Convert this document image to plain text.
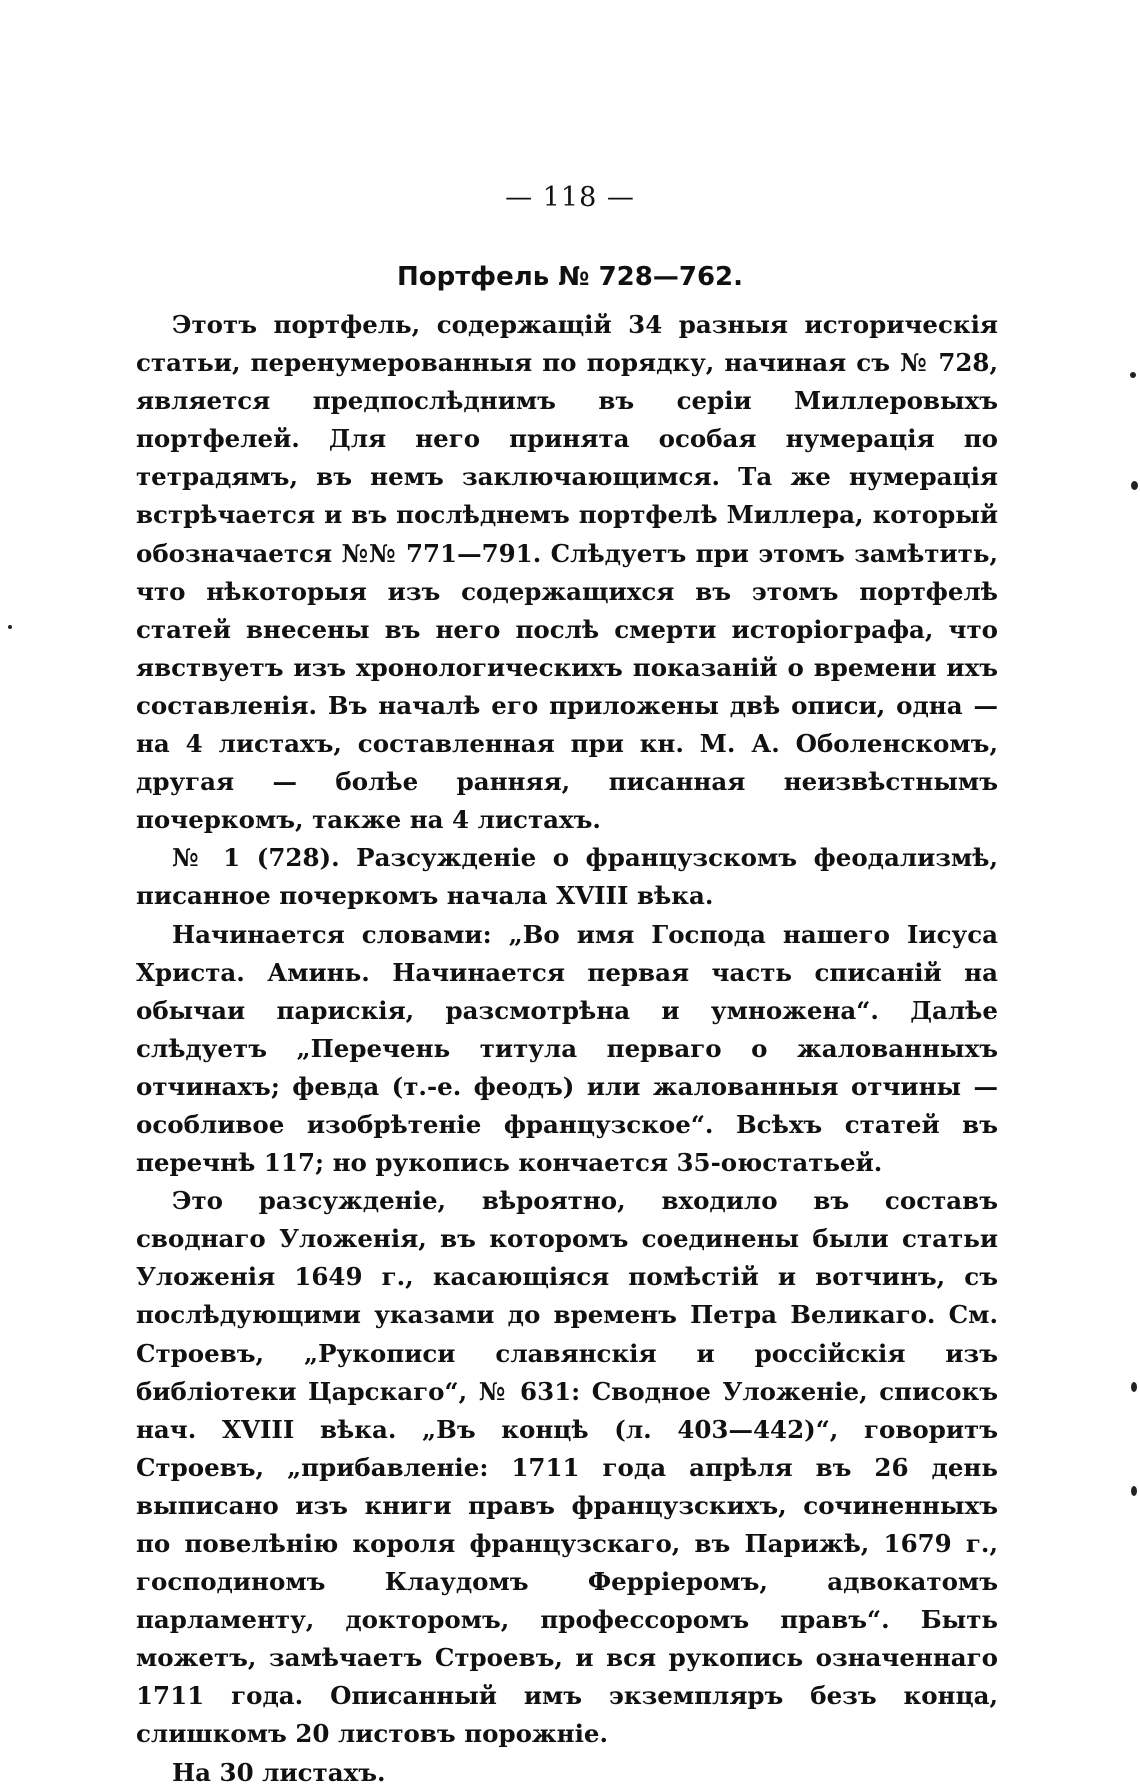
— 118 —
Портфель № 728—762.

Этотъ портфель, содержащій 34 разныя историческія статьи, перенумерованныя по порядку, начиная съ № 728, является предпослѣднимъ въ серіи Миллеровыхъ портфелей. Для него принята особая нумерація по тетрадямъ, въ немъ заключающимся. Та же нумерація встрѣчается и въ послѣднемъ портфелѣ Миллера, который обозначается №№ 771—791. Слѣдуетъ при этомъ замѣтить, что нѣкоторыя изъ содержащихся въ этомъ портфелѣ статей внесены въ него послѣ смерти исторіографа, что явствуетъ изъ хронологическихъ показаній о времени ихъ составленія. Въ началѣ его приложены двѣ описи, одна — на 4 листахъ, составленная при кн. М. А. Оболенскомъ, другая — болѣе ранняя, писанная неизвѣстнымъ почеркомъ, также на 4 листахъ.

№ 1 (728). Разсужденіе о французскомъ феодализмѣ, писанное почеркомъ начала XVIII вѣка.

Начинается словами: „Во имя Господа нашего Іисуса Христа. Аминь. Начинается первая часть списаній на обычаи парискія, разсмотрѣна и умножена“. Далѣе слѣдуетъ „Перечень титула перваго о жалованныхъ отчинахъ; февда (т.-е. феодъ) или жалованныя отчины — особливое изобрѣтеніе французское“. Всѣхъ статей въ перечнѣ 117; но рукопись кончается 35-оюстатьей.

Это разсужденіе, вѣроятно, входило въ составъ своднаго Уложенія, въ которомъ соединены были статьи Уложенія 1649 г., касающіяся помѣстій и вотчинъ, съ послѣдующими указами до временъ Петра Великаго. См. Строевъ, „Рукописи славянскія и россійскія изъ библіотеки Царскаго“, № 631: Сводное Уложеніе, списокъ нач. XVIII вѣка. „Въ концѣ (л. 403—442)“, говоритъ Строевъ, „прибавленіе: 1711 года апрѣля въ 26 день выписано изъ книги правъ французскихъ, сочиненныхъ по повелѣнію короля французскаго, въ Парижѣ, 1679 г., господиномъ Клаудомъ Ферріеромъ, адвокатомъ парламенту, докторомъ, профессоромъ правъ“. Быть можетъ, замѣчаетъ Строевъ, и вся рукопись означеннаго 1711 года. Описанный имъ экземпляръ безъ конца, слишкомъ 20 листовъ порожніе.

На 30 листахъ.
